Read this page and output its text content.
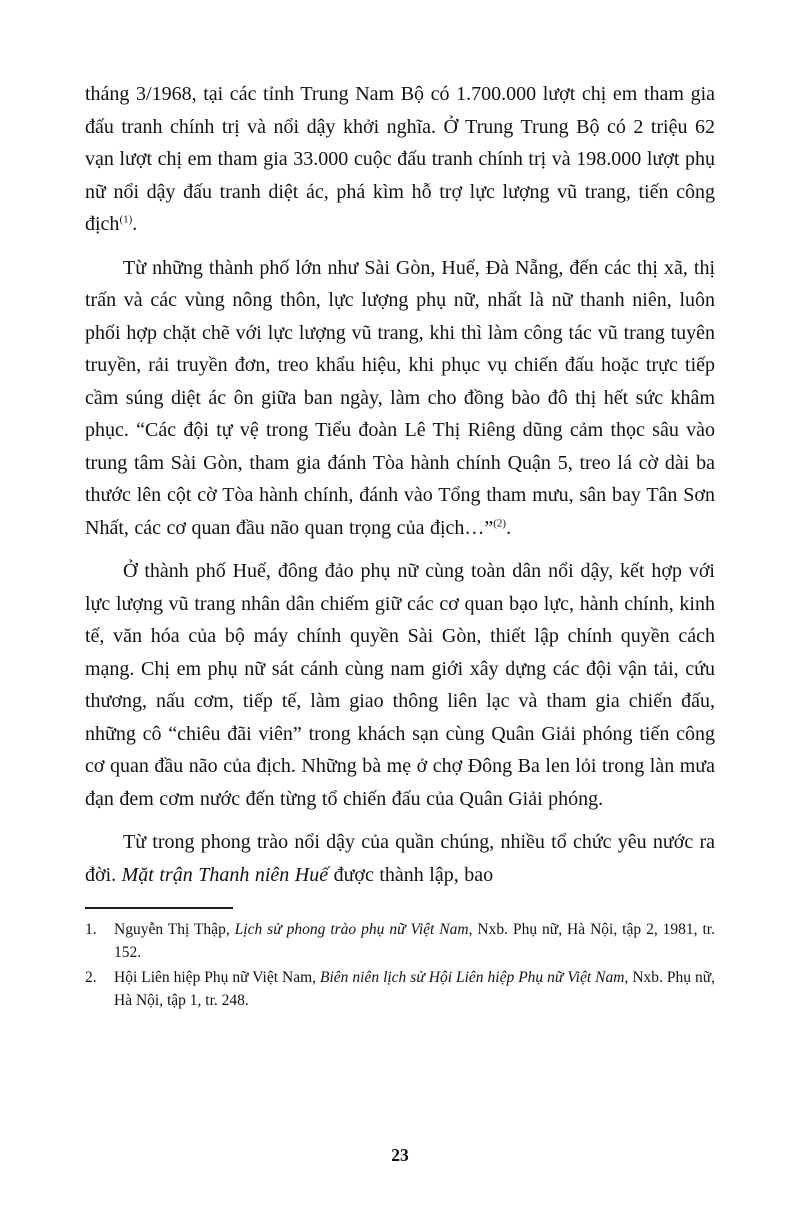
tháng 3/1968, tại các tỉnh Trung Nam Bộ có 1.700.000 lượt chị em tham gia đấu tranh chính trị và nổi dậy khởi nghĩa. Ở Trung Trung Bộ có 2 triệu 62 vạn lượt chị em tham gia 33.000 cuộc đấu tranh chính trị và 198.000 lượt phụ nữ nổi dậy đấu tranh diệt ác, phá kìm hỗ trợ lực lượng vũ trang, tiến công địch$^{(1)}$.

Từ những thành phố lớn như Sài Gòn, Huế, Đà Nẵng, đến các thị xã, thị trấn và các vùng nông thôn, lực lượng phụ nữ, nhất là nữ thanh niên, luôn phối hợp chặt chẽ với lực lượng vũ trang, khi thì làm công tác vũ trang tuyên truyền, rải truyền đơn, treo khẩu hiệu, khi phục vụ chiến đấu hoặc trực tiếp cầm súng diệt ác ôn giữa ban ngày, làm cho đồng bào đô thị hết sức khâm phục. “Các đội tự vệ trong Tiểu đoàn Lê Thị Riêng dũng cảm thọc sâu vào trung tâm Sài Gòn, tham gia đánh Tòa hành chính Quận 5, treo lá cờ dài ba thước lên cột cờ Tòa hành chính, đánh vào Tổng tham mưu, sân bay Tân Sơn Nhất, các cơ quan đầu não quan trọng của địch…”$^{(2)}$.

Ở thành phố Huế, đông đảo phụ nữ cùng toàn dân nổi dậy, kết hợp với lực lượng vũ trang nhân dân chiếm giữ các cơ quan bạo lực, hành chính, kinh tế, văn hóa của bộ máy chính quyền Sài Gòn, thiết lập chính quyền cách mạng. Chị em phụ nữ sát cánh cùng nam giới xây dựng các đội vận tải, cứu thương, nấu cơm, tiếp tế, làm giao thông liên lạc và tham gia chiến đấu, những cô “chiêu đãi viên” trong khách sạn cùng Quân Giải phóng tiến công cơ quan đầu não của địch. Những bà mẹ ở chợ Đông Ba len lỏi trong làn mưa đạn đem cơm nước đến từng tổ chiến đấu của Quân Giải phóng.

Từ trong phong trào nổi dậy của quần chúng, nhiều tổ chức yêu nước ra đời. Mặt trận Thanh niên Huế được thành lập, bao

1.	Nguyễn Thị Thập, Lịch sử phong trào phụ nữ Việt Nam, Nxb. Phụ nữ, Hà Nội, tập 2, 1981, tr. 152.
2.	Hội Liên hiệp Phụ nữ Việt Nam, Biên niên lịch sử Hội Liên hiệp Phụ nữ Việt Nam, Nxb. Phụ nữ, Hà Nội, tập 1, tr. 248.
23
